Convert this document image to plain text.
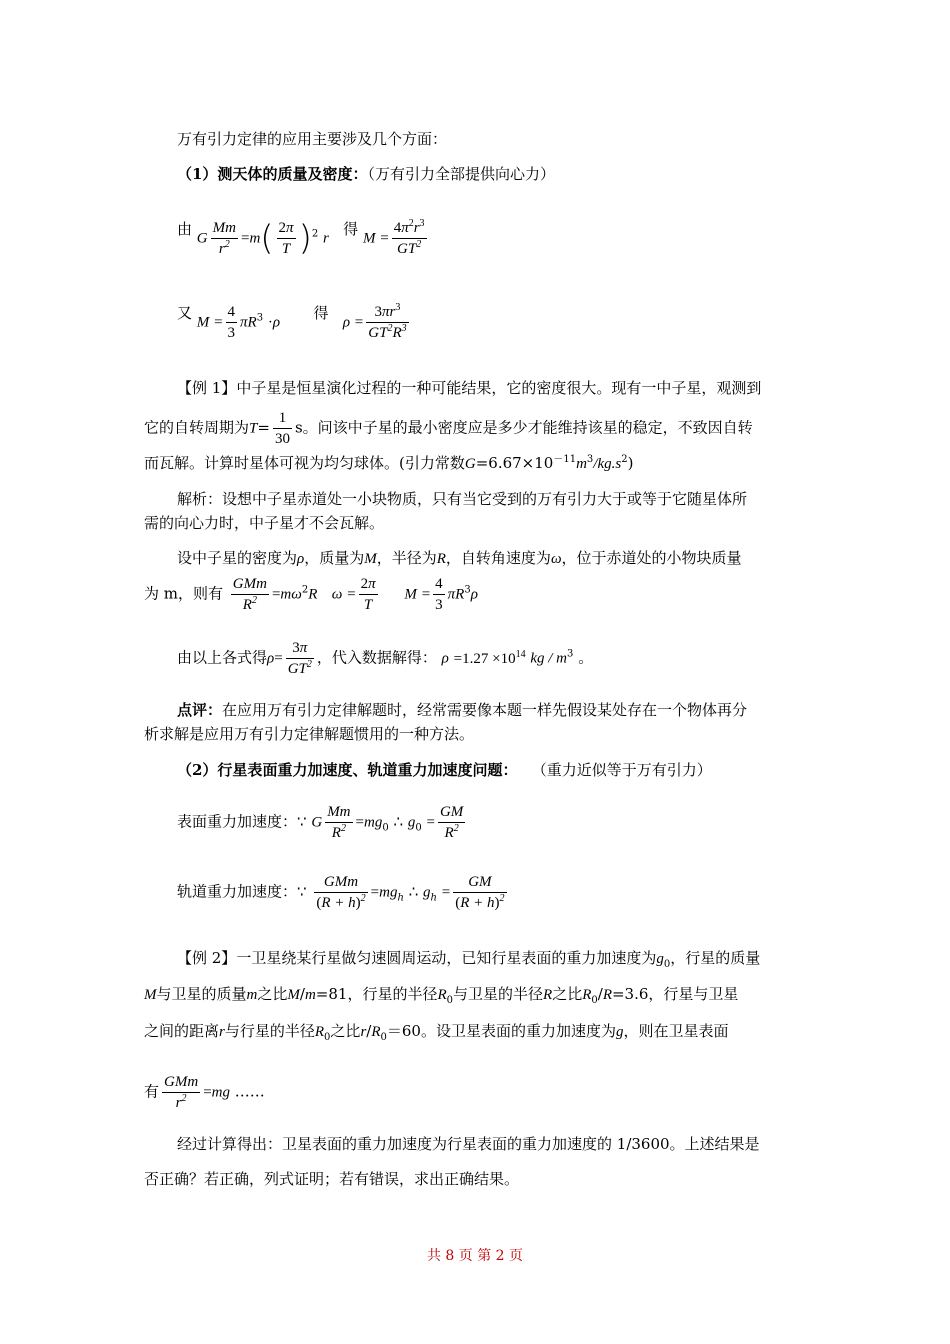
万有引力定律的应用主要涉及几个方面：
（1）测天体的质量及密度：（万有引力全部提供向心力）
由 G $\frac{Mm}{r^2} =m( \frac{2\pi}{T} )^2$ r   得 $M = \frac{4\pi^2r^3}{GT^2}$
又 $M = \frac{4}{3} \pi R^3 \cdot\rho$       得   $\rho = \frac{3\pi r^3}{GT^2R^3}$
【例 1】中子星是恒星演化过程的一种可能结果，它的密度很大。现有一中子星，观测到
它的自转周期为$T= \frac{1}{30}$ s。问该中子星的最小密度应是多少才能维持该星的稳定，不致因自转
而瓦解。计算时星体可视为均匀球体。(引力常数$G=6.67\times 10^{-11}m^3/kg.s^2$)
解析：设想中子星赤道处一小块物质，只有当它受到的万有引力大于或等于它随星体所
需的向心力时，中子星才不会瓦解。
设中子星的密度为ρ，质量为M，半径为R，自转角速度为ω，位于赤道处的小物块质量
为 m，则有 $\frac{\text{GMm}}{R^2} =m\omega^2R$ $\omega = \frac{2\pi}{T}$ $M = \frac{4}{3} \pi R^3\rho$
由以上各式得$\rho= \frac{3\pi}{GT^2}$ ，代入数据解得： $\rho =1.27 \times 10^{14}$ kg / $m^3$ 。
点评：在应用万有引力定律解题时，经常需要像本题一样先假设某处存在一个物体再分
析求解是应用万有引力定律解题惯用的一种方法。
（2）行星表面重力加速度、轨道重力加速度问题： （重力近似等于万有引力）
表面重力加速度：∵ G $\frac{Mm}{R^2} =mg_0$ ∴ $g_0 = \frac{GM}{R^2}$
轨道重力加速度：∵ $\frac{\text{GMm}}{(R + h)^2} =mg_h$ ∴ $g_h = \frac{GM}{(R + h)^2}$
【例 2】一卫星绕某行星做匀速圆周运动，已知行星表面的重力加速度为$g_0$，行星的质量
M与卫星的质量m之比M/m=81，行星的半径$R_0$与卫星的半径R之比$R_0/R=3.6$，行星与卫星
之间的距离r与行星的半径$R_0$之比$r/R_0=60$。设卫星表面的重力加速度为g，则在卫星表面
有 $\frac{\text{GMm}}{r^2} =mg$ ……
经过计算得出：卫星表面的重力加速度为行星表面的重力加速度的 1/3600。上述结果是
否正确？若正确，列式证明；若有错误，求出正确结果。
共 8 页 第 2 页
